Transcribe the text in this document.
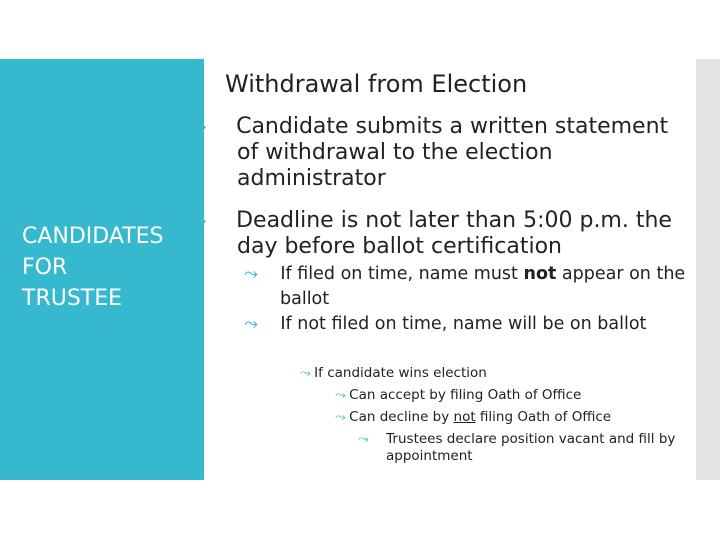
CANDIDATES
FOR
TRUSTEE
Withdrawal from Election
⤳ Candidate submits a written statement of withdrawal to the election administrator
⤳ Deadline is not later than 5:00 p.m. the day before ballot certification
⤳ If filed on time, name must not appear on the ballot
⤳ If not filed on time, name will be on ballot
⤳ If candidate wins election
⤳ Can accept by filing Oath of Office
⤳ Can decline by not filing Oath of Office
⤳ Trustees declare position vacant and fill by appointment
